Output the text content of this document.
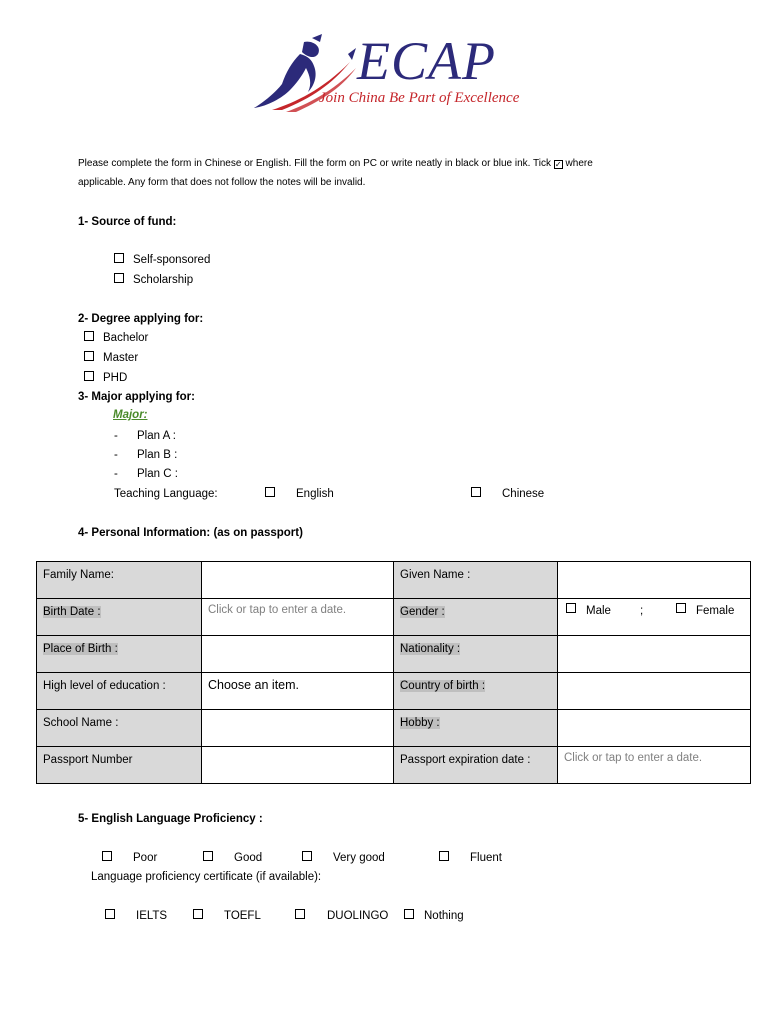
ECAP
Join China Be Part of Excellence
Please complete the form in Chinese or English. Fill the form on PC or write neatly in black or blue ink. Tick ✓ where
applicable. Any form that does not follow the notes will be invalid.
1- Source of fund:
Self-sponsored
Scholarship
2- Degree applying for:
Bachelor
Master
PHD
3- Major applying for:
Major:
- Plan A :
- Plan B :
- Plan C :
Teaching Language:	English	Chinese
4- Personal Information: (as on passport)
Family Name:		Given Name :	
Birth Date :	Click or tap to enter a date.	Gender :	Male ; Female

Place of Birth :		Nationality :	
High level of education :	Choose an item.	Country of birth :	
School Name :		Hobby :	
Passport Number		Passport expiration date :	Click or tap to enter a date.
5- English Language Proficiency :
Poor	Good	Very good	Fluent
Language proficiency certificate (if available):
IELTS	TOEFL	DUOLINGO	Nothing
